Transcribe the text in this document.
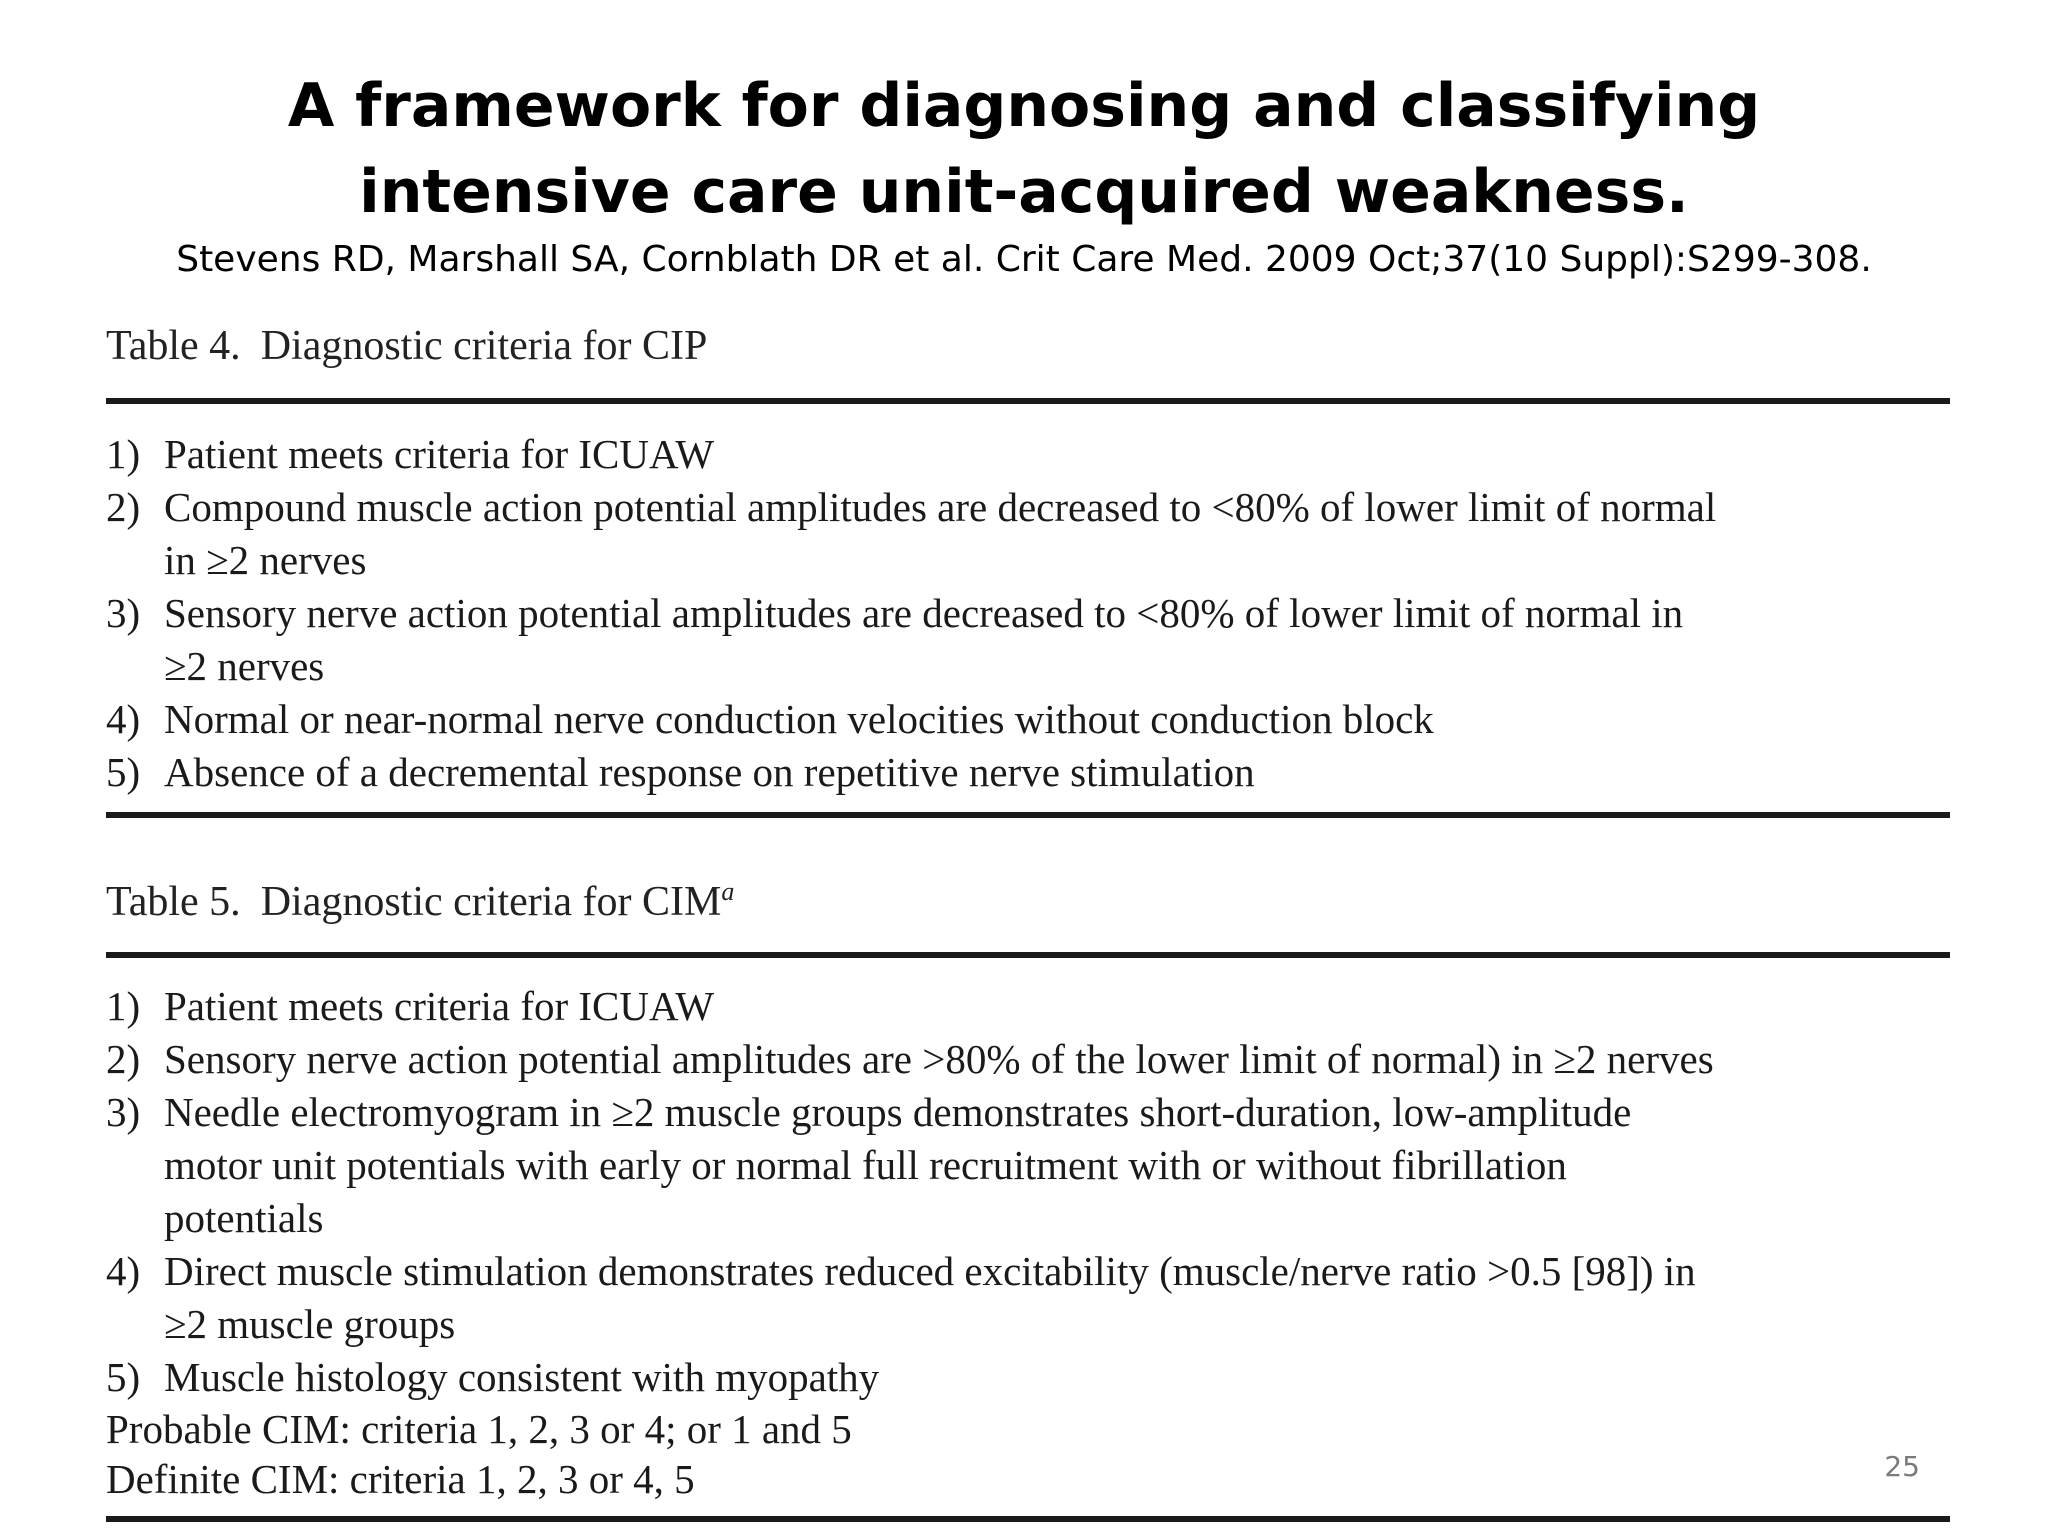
A framework for diagnosing and classifying
intensive care unit-acquired weakness.
Stevens RD, Marshall SA, Cornblath DR et al. Crit Care Med. 2009 Oct;37(10 Suppl):S299-308.
Table 4. Diagnostic criteria for CIP
1) Patient meets criteria for ICUAW
2) Compound muscle action potential amplitudes are decreased to <80% of lower limit of normal
in ≥2 nerves
3) Sensory nerve action potential amplitudes are decreased to <80% of lower limit of normal in
≥2 nerves
4) Normal or near-normal nerve conduction velocities without conduction block
5) Absence of a decremental response on repetitive nerve stimulation
Table 5. Diagnostic criteria for CIM$^a$
1) Patient meets criteria for ICUAW
2) Sensory nerve action potential amplitudes are >80% of the lower limit of normal) in ≥2 nerves
3) Needle electromyogram in ≥2 muscle groups demonstrates short-duration, low-amplitude
motor unit potentials with early or normal full recruitment with or without fibrillation
potentials
4) Direct muscle stimulation demonstrates reduced excitability (muscle/nerve ratio >0.5 [98]) in
≥2 muscle groups
5) Muscle histology consistent with myopathy
Probable CIM: criteria 1, 2, 3 or 4; or 1 and 5
Definite CIM: criteria 1, 2, 3 or 4, 5	25
